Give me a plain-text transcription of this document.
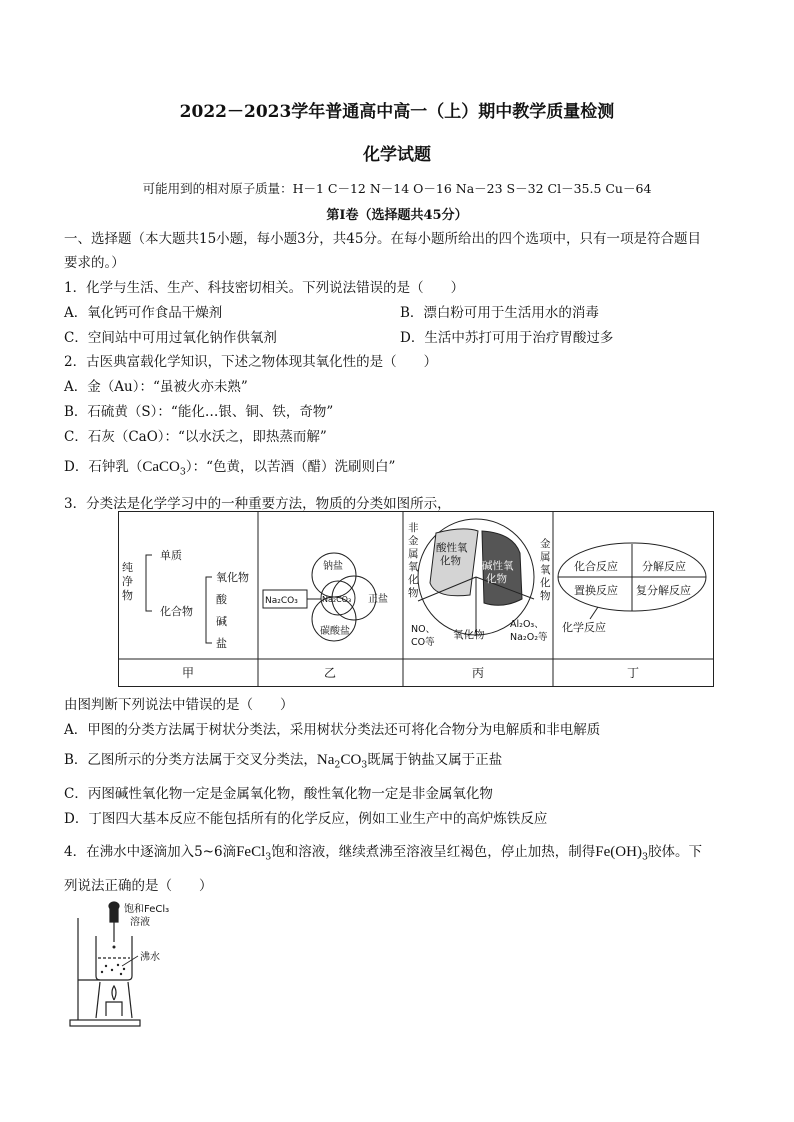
2022－2023学年普通高中高一（上）期中教学质量检测
化学试题
可能用到的相对原子质量：H－1 C－12 N－14 O－16 Na－23 S－32 Cl－35.5 Cu－64
第Ⅰ卷（选择题共45分）
一、选择题（本大题共15小题，每小题3分，共45分。在每小题所给出的四个选项中，只有一项是符合题目
要求的。）
1．化学与生活、生产、科技密切相关。下列说法错误的是（　　）
A．氧化钙可作食品干燥剂	B．漂白粉可用于生活用水的消毒
C．空间站中可用过氧化钠作供氧剂	D．生活中苏打可用于治疗胃酸过多
2．古医典富载化学知识，下述之物体现其氧化性的是（　　）
A．金（Au）：“虽被火亦未熟”
B．石硫黄（S）：“能化…银、铜、铁，奇物”
C．石灰（CaO）：“以水沃之，即热蒸而解”
D．石钟乳（CaCO$_3$）：“色黄，以苦酒（醋）洗刷则白”
3．分类法是化学学习中的一种重要方法，物质的分类如图所示，
纯
净
物
单质
化合物
氧化物
酸
碱
盐
钠盐
正盐
碳酸盐
Na₂CO₃	Na₂CO₃
非
金
属
氧
化
物
金
属
氧
化
物
酸性氧
化物 碱性氧
化物
氧化物
NO、
CO等
Al₂O₃、
Na₂O₂等
化合反应 分解反应
置换反应 复分解反应
化学反应
甲	乙	丙	丁
由图判断下列说法中错误的是（　　）
A．甲图的分类方法属于树状分类法，采用树状分类法还可将化合物分为电解质和非电解质
B．乙图所示的分类方法属于交叉分类法，$Na_2CO_3$既属于钠盐又属于正盐
C．丙图碱性氧化物一定是金属氧化物，酸性氧化物一定是非金属氧化物
D．丁图四大基本反应不能包括所有的化学反应，例如工业生产中的高炉炼铁反应
4．在沸水中逐滴加入5~6滴FeCl$_3$饱和溶液，继续煮沸至溶液呈红褐色，停止加热，制得$Fe(OH)_3$胶体。下
列说法正确的是（　　）
饱和FeCl₃
溶液
沸水
